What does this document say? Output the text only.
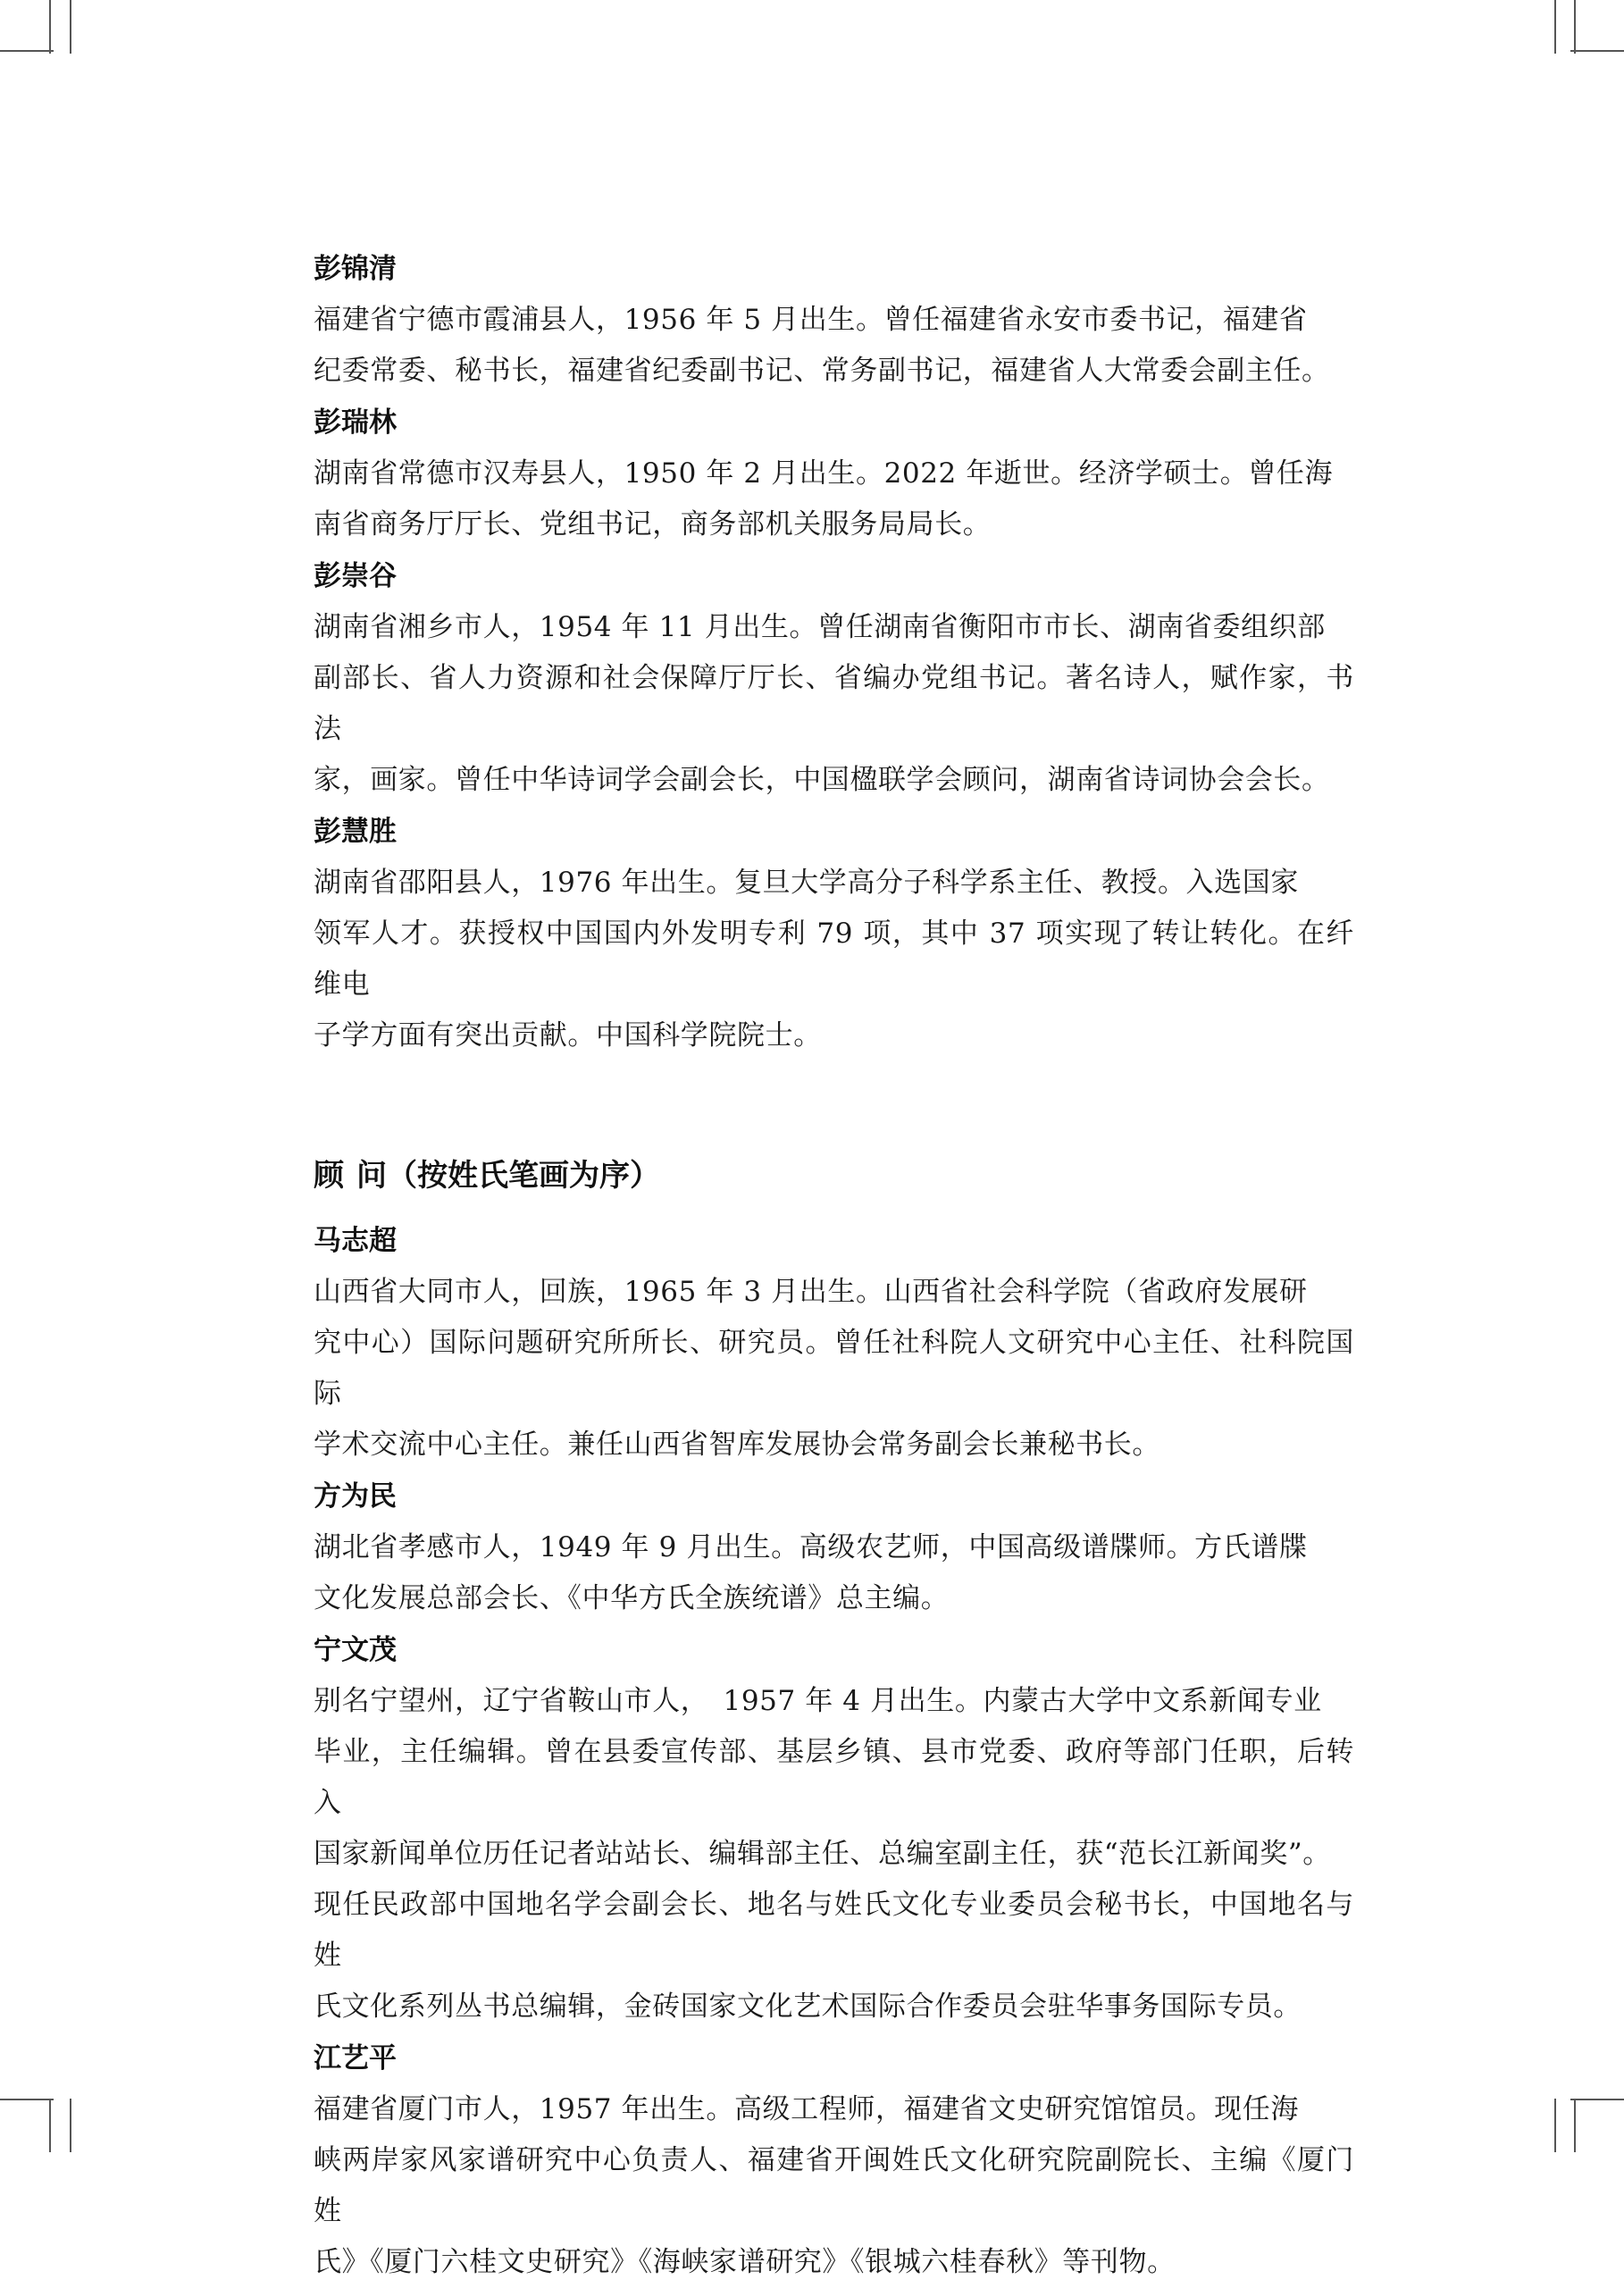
彭锦清

福建省宁德市霞浦县人，1956 年 5 月出生。曾任福建省永安市委书记，福建省
纪委常委、秘书长，福建省纪委副书记、常务副书记，福建省人大常委会副主任。

彭瑞林

湖南省常德市汉寿县人，1950 年 2 月出生。2022 年逝世。经济学硕士。曾任海
南省商务厅厅长、党组书记，商务部机关服务局局长。

彭崇谷

湖南省湘乡市人，1954 年 11 月出生。曾任湖南省衡阳市市长、湖南省委组织部
副部长、省人力资源和社会保障厅厅长、省编办党组书记。著名诗人，赋作家，书法
家，画家。曾任中华诗词学会副会长，中国楹联学会顾问，湖南省诗词协会会长。

彭慧胜

湖南省邵阳县人，1976 年出生。复旦大学高分子科学系主任、教授。入选国家
领军人才。获授权中国国内外发明专利 79 项，其中 37 项实现了转让转化。在纤维电
子学方面有突出贡献。中国科学院院士。
顾 问（按姓氏笔画为序）

马志超

山西省大同市人，回族，1965 年 3 月出生。山西省社会科学院（省政府发展研
究中心）国际问题研究所所长、研究员。曾任社科院人文研究中心主任、社科院国际
学术交流中心主任。兼任山西省智库发展协会常务副会长兼秘书长。

方为民

湖北省孝感市人，1949 年 9 月出生。高级农艺师，中国高级谱牒师。方氏谱牒
文化发展总部会长、《中华方氏全族统谱》总主编。

宁文茂

别名宁望州，辽宁省鞍山市人，　1957 年 4 月出生。内蒙古大学中文系新闻专业
毕业，主任编辑。曾在县委宣传部、基层乡镇、县市党委、政府等部门任职，后转入
国家新闻单位历任记者站站长、编辑部主任、总编室副主任，获“范长江新闻奖”。
现任民政部中国地名学会副会长、地名与姓氏文化专业委员会秘书长，中国地名与姓
氏文化系列丛书总编辑，金砖国家文化艺术国际合作委员会驻华事务国际专员。

江艺平

福建省厦门市人，1957 年出生。高级工程师，福建省文史研究馆馆员。现任海
峡两岸家风家谱研究中心负责人、福建省开闽姓氏文化研究院副院长、主编《厦门姓
氏》《厦门六桂文史研究》《海峡家谱研究》《银城六桂春秋》等刊物。
